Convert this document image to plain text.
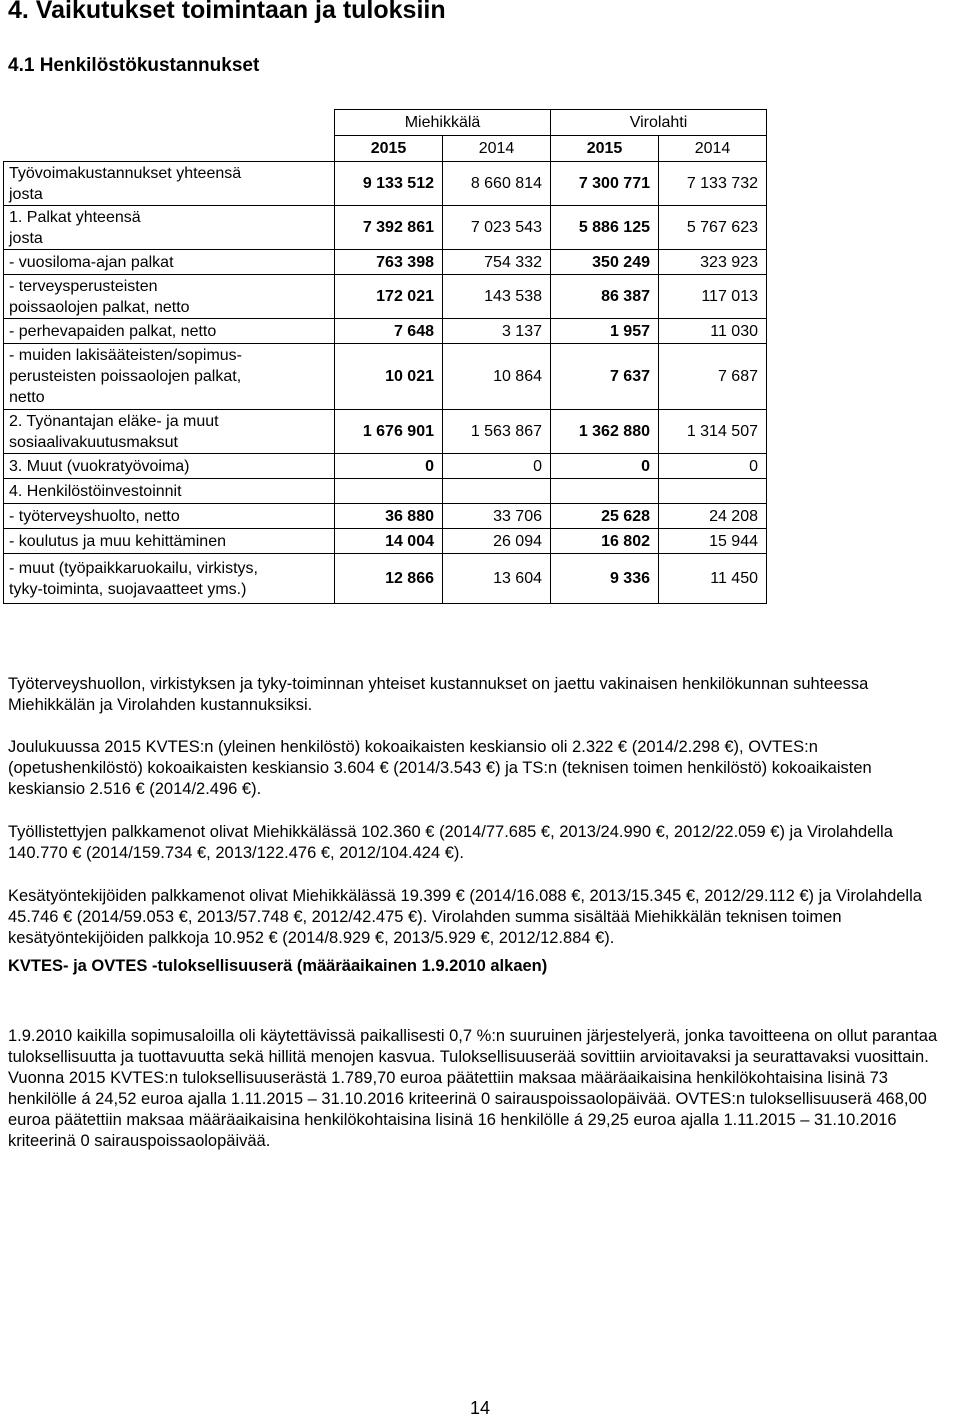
4. Vaikutukset toimintaan ja tuloksiin
4.1 Henkilöstökustannukset
	Miehikkälä		Virolahti	
	2015	2014	2015	2014
Työvoimakustannukset yhteensä
josta	9 133 512	8 660 814	7 300 771	7 133 732
1. Palkat yhteensä
josta	7 392 861	7 023 543	5 886 125	5 767 623
- vuosiloma-ajan palkat	763 398	754 332	350 249	323 923
- terveysperusteisten
poissaolojen palkat, netto	172 021	143 538	86 387	117 013
- perhevapaiden palkat, netto	7 648	3 137	1 957	11 030
- muiden lakisääteisten/sopimus-
perusteisten poissaolojen palkat,
netto	10 021	10 864	7 637	7 687
2. Työnantajan eläke- ja muut
sosiaalivakuutusmaksut	1 676 901	1 563 867	1 362 880	1 314 507
3. Muut (vuokratyövoima)	0	0	0	0
4. Henkilöstöinvestoinnit				
- työterveyshuolto, netto	36 880	33 706	25 628	24 208
- koulutus ja muu kehittäminen	14 004	26 094	16 802	15 944
- muut (työpaikkaruokailu, virkistys,
tyky-toiminta, suojavaatteet yms.)	12 866	13 604	9 336	11 450
Työterveyshuollon, virkistyksen ja tyky-toiminnan yhteiset kustannukset on jaettu vakinaisen henkilökunnan suhteessa Miehikkälän ja Virolahden kustannuksiksi.
Joulukuussa 2015 KVTES:n (yleinen henkilöstö) kokoaikaisten keskiansio oli 2.322 € (2014/2.298 €), OVTES:n (opetushenkilöstö) kokoaikaisten keskiansio 3.604 € (2014/3.543 €) ja TS:n (teknisen toimen henkilöstö) kokoaikaisten keskiansio 2.516 € (2014/2.496 €).
Työllistettyjen palkkamenot olivat Miehikkälässä 102.360 € (2014/77.685 €, 2013/24.990 €, 2012/22.059 €) ja Virolahdella 140.770 € (2014/159.734 €, 2013/122.476 €, 2012/104.424 €).
Kesätyöntekijöiden palkkamenot olivat Miehikkälässä 19.399 € (2014/16.088 €, 2013/15.345 €, 2012/29.112 €) ja Virolahdella 45.746 € (2014/59.053 €, 2013/57.748 €, 2012/42.475 €). Virolahden summa sisältää Miehikkälän teknisen toimen kesätyöntekijöiden palkkoja 10.952 € (2014/8.929 €, 2013/5.929 €, 2012/12.884 €).
KVTES- ja OVTES -tuloksellisuuserä (määräaikainen 1.9.2010 alkaen)
1.9.2010 kaikilla sopimusaloilla oli käytettävissä paikallisesti 0,7 %:n suuruinen järjestelyerä, jonka tavoitteena on ollut parantaa tuloksellisuutta ja tuottavuutta sekä hillitä menojen kasvua. Tuloksellisuuserää sovittiin arvioitavaksi ja seurattavaksi vuosittain. Vuonna 2015 KVTES:n tuloksellisuuserästä 1.789,70 euroa päätettiin maksaa määräaikaisina henkilökohtaisina lisinä 73 henkilölle á 24,52 euroa ajalla 1.11.2015 – 31.10.2016 kriteerinä 0 sairauspoissaolopäivää. OVTES:n tuloksellisuuserä 468,00 euroa päätettiin maksaa määräaikaisina henkilökohtaisina lisinä 16 henkilölle á 29,25 euroa ajalla 1.11.2015 – 31.10.2016 kriteerinä 0 sairauspoissaolopäivää.
14
